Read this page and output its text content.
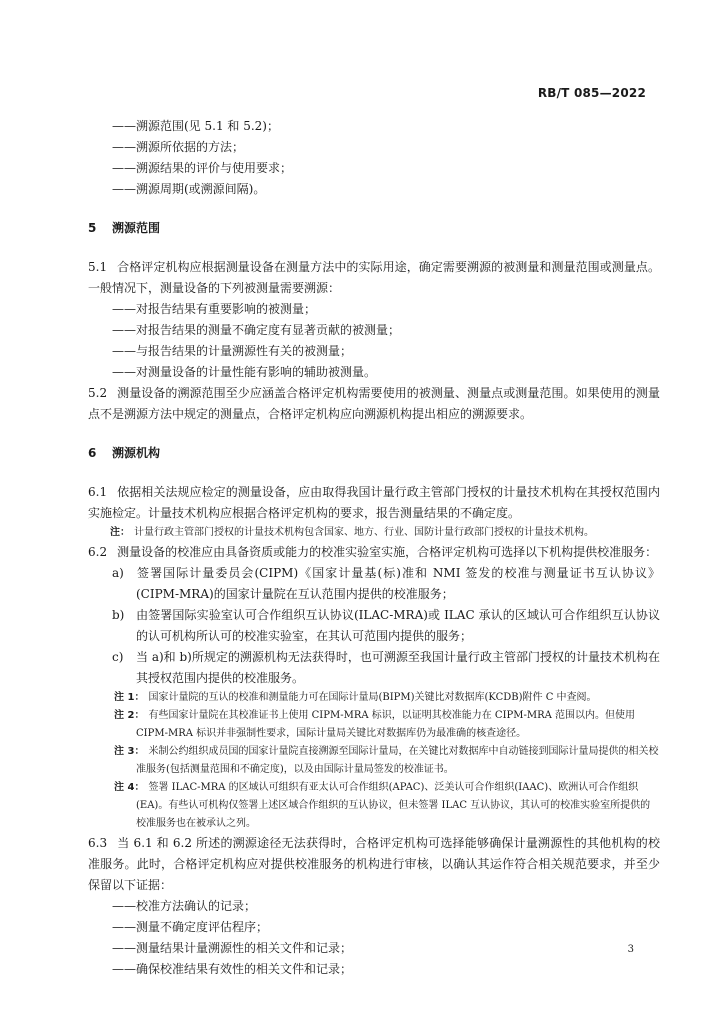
RB/T 085—2022
——溯源范围(见 5.1 和 5.2)；
——溯源所依据的方法；
——溯源结果的评价与使用要求；
——溯源周期(或溯源间隔)。
5 溯源范围
5.1 合格评定机构应根据测量设备在测量方法中的实际用途，确定需要溯源的被测量和测量范围或测量点。一般情况下，测量设备的下列被测量需要溯源：
——对报告结果有重要影响的被测量；
——对报告结果的测量不确定度有显著贡献的被测量；
——与报告结果的计量溯源性有关的被测量；
——对测量设备的计量性能有影响的辅助被测量。
5.2 测量设备的溯源范围至少应涵盖合格评定机构需要使用的被测量、测量点或测量范围。如果使用的测量点不是溯源方法中规定的测量点，合格评定机构应向溯源机构提出相应的溯源要求。
6 溯源机构
6.1 依据相关法规应检定的测量设备，应由取得我国计量行政主管部门授权的计量技术机构在其授权范围内实施检定。计量技术机构应根据合格评定机构的要求，报告测量结果的不确定度。
注： 计量行政主管部门授权的计量技术机构包含国家、地方、行业、国防计量行政部门授权的计量技术机构。
6.2 测量设备的校准应由具备资质或能力的校准实验室实施，合格评定机构可选择以下机构提供校准服务：
a) 签署国际计量委员会(CIPM)《国家计量基(标)准和 NMI 签发的校准与测量证书互认协议》(CIPM-MRA)的国家计量院在互认范围内提供的校准服务；
b) 由签署国际实验室认可合作组织互认协议(ILAC-MRA)或 ILAC 承认的区域认可合作组织互认协议的认可机构所认可的校准实验室，在其认可范围内提供的服务；
c) 当 a)和 b)所规定的溯源机构无法获得时，也可溯源至我国计量行政主管部门授权的计量技术机构在其授权范围内提供的校准服务。
注 1： 国家计量院的互认的校准和测量能力可在国际计量局(BIPM)关键比对数据库(KCDB)附件 C 中查阅。
注 2： 有些国家计量院在其校准证书上使用 CIPM-MRA 标识，以证明其校准能力在 CIPM-MRA 范围以内。但使用 CIPM-MRA 标识并非强制性要求，国际计量局关键比对数据库仍为最准确的核查途径。
注 3： 米制公约组织成员国的国家计量院直接溯源至国际计量局，在关键比对数据库中自动链接到国际计量局提供的相关校准服务(包括测量范围和不确定度)，以及由国际计量局签发的校准证书。
注 4： 签署 ILAC-MRA 的区域认可组织有亚太认可合作组织(APAC)、泛美认可合作组织(IAAC)、欧洲认可合作组织(EA)。有些认可机构仅签署上述区域合作组织的互认协议，但未签署 ILAC 互认协议，其认可的校准实验室所提供的校准服务也在被承认之列。
6.3 当 6.1 和 6.2 所述的溯源途径无法获得时，合格评定机构可选择能够确保计量溯源性的其他机构的校准服务。此时，合格评定机构应对提供校准服务的机构进行审核，以确认其运作符合相关规范要求，并至少保留以下证据：
——校准方法确认的记录；
——测量不确定度评估程序；
——测量结果计量溯源性的相关文件和记录；
——确保校准结果有效性的相关文件和记录；
3
